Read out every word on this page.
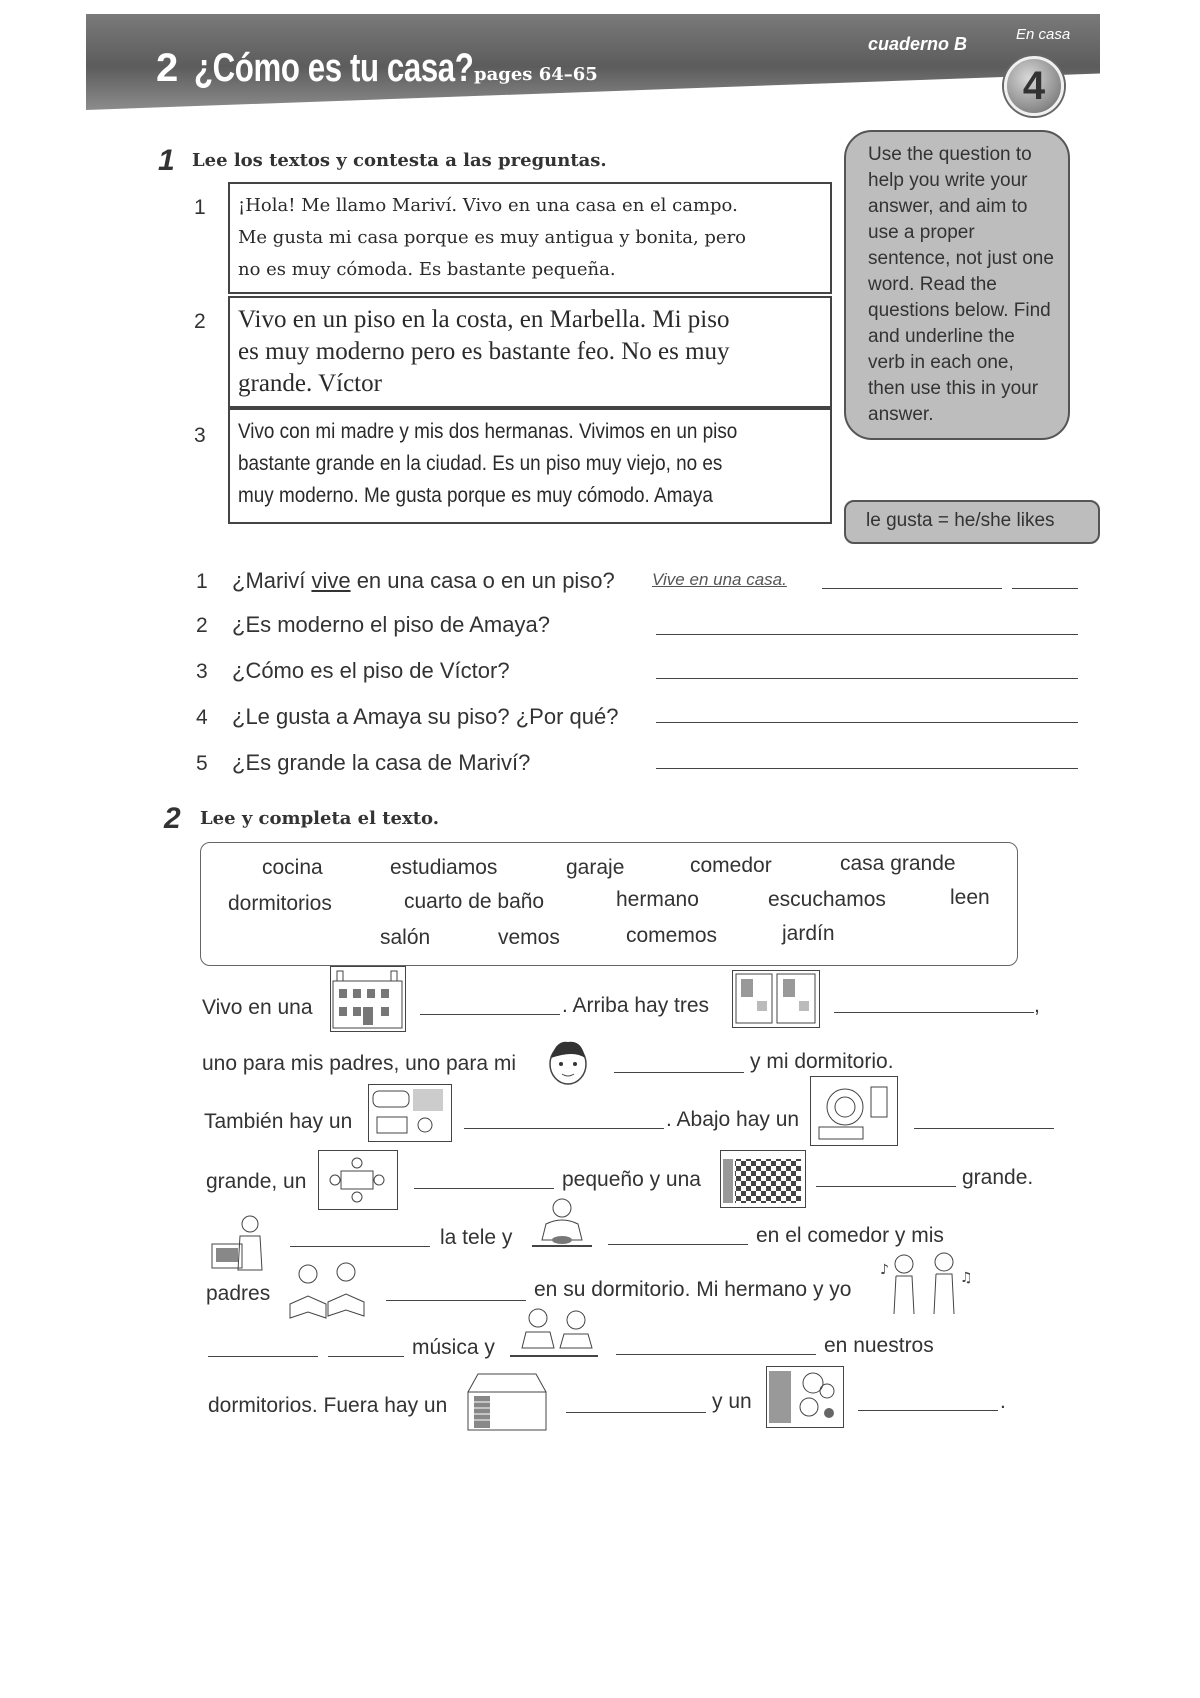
2 ¿Cómo es tu casa? pages 64–65
cuaderno B	En casa
4
1 Lee los textos y contesta a las preguntas.
1 ¡Hola! Me llamo Mariví. Vivo en una casa en el campo.
Me gusta mi casa porque es muy antigua y bonita, pero
no es muy cómoda. Es bastante pequeña.
2 Vivo en un piso en la costa, en Marbella. Mi piso
es muy moderno pero es bastante feo. No es muy
grande. Víctor
3 Vivo con mi madre y mis dos hermanas. Vivimos en un piso
bastante grande en la ciudad. Es un piso muy viejo, no es
muy moderno. Me gusta porque es muy cómodo. Amaya
Use the question to help you write your answer, and aim to use a proper sentence, not just one word. Read the questions below. Find and underline the verb in each one, then use this in your answer.
le gusta = he/she likes
1 ¿Mariví vive en una casa o en un piso? Vive en una casa.
2 ¿Es moderno el piso de Amaya?
3 ¿Cómo es el piso de Víctor?
4 ¿Le gusta a Amaya su piso? ¿Por qué?
5 ¿Es grande la casa de Mariví?
2 Lee y completa el texto.
cocina	estudiamos	garaje	comedor	casa grande
dormitorios	cuarto de baño	hermano	escuchamos	leen
salón	vemos	comemos	jardín
Vivo en una	. Arriba hay tres	,
uno para mis padres, uno para mi	y mi dormitorio.
También hay un	. Abajo hay un
grande, un	pequeño y una	grande.
la tele y	en el comedor y mis
padres	en su dormitorio. Mi hermano y yo
♪	♫
música y	en nuestros
dormitorios. Fuera hay un	y un	.
